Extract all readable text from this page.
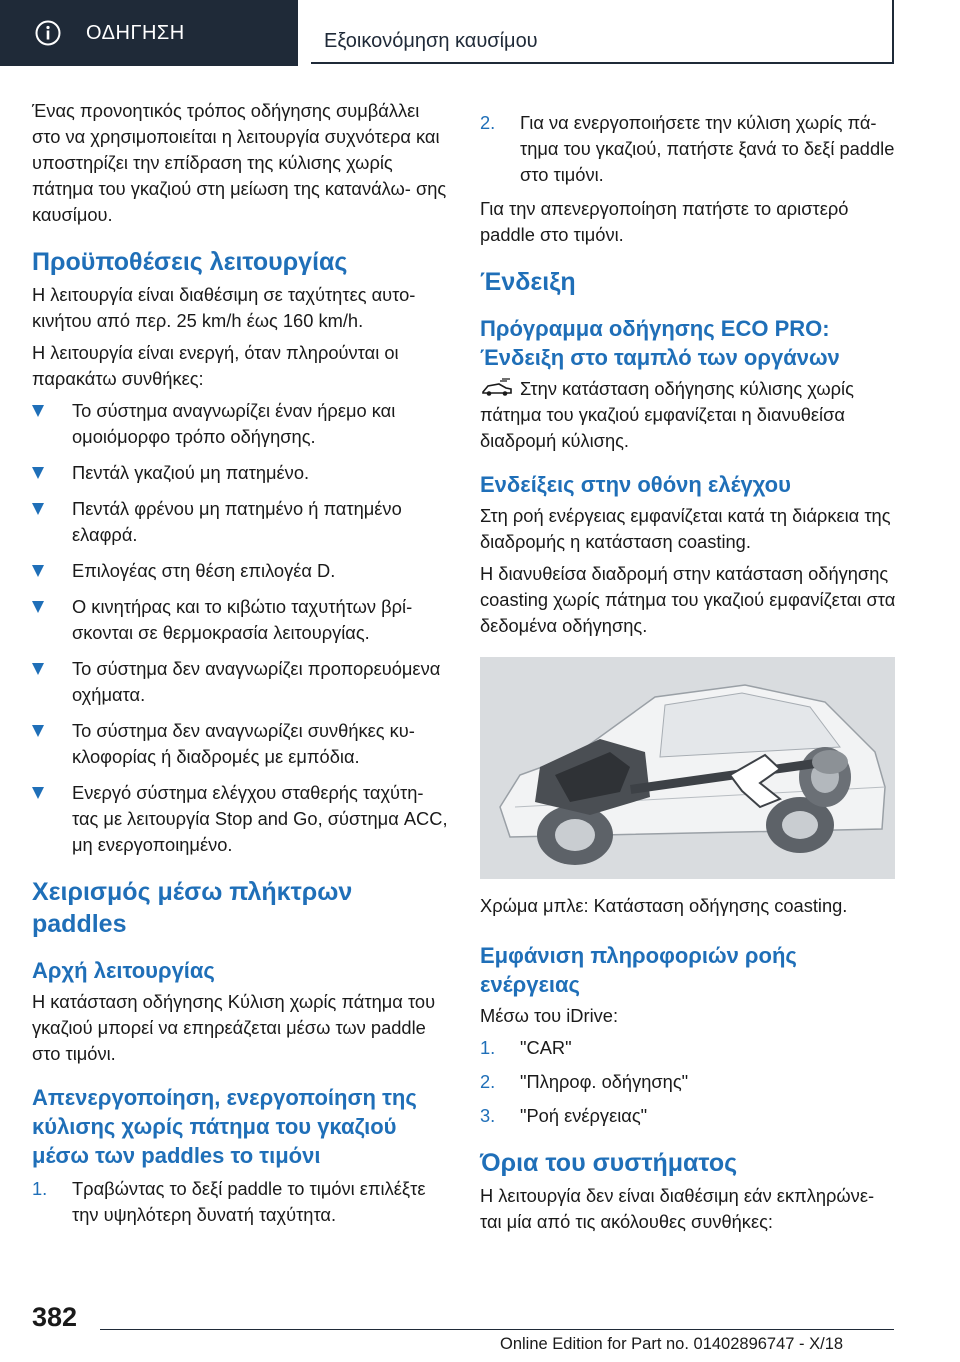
ΟΔΗΓΗΣΗ	Εξοικονόμηση καυσίμου

Ένας προνοητικός τρόπος οδήγησης συμβάλλει στο να χρησιμοποιείται η λειτουργία συχνότερα και υποστηρίζει την επίδραση της κύλισης χωρίς πάτημα του γκαζιού στη μείωση της κατανάλω- σης καυσίμου.

Προϋποθέσεις λειτουργίας

Η λειτουργία είναι διαθέσιμη σε ταχύτητες αυτο- κινήτου από περ. 25 km/h έως 160 km/h.

Η λειτουργία είναι ενεργή, όταν πληρούνται οι παρακάτω συνθήκες:

Το σύστημα αναγνωρίζει έναν ήρεμο και ομοιόμορφο τρόπο οδήγησης.
Πεντάλ γκαζιού μη πατημένο.
Πεντάλ φρένου μη πατημένο ή πατημένο ελαφρά.
Επιλογέας στη θέση επιλογέα D.
Ο κινητήρας και το κιβώτιο ταχυτήτων βρί- σκονται σε θερμοκρασία λειτουργίας.
Το σύστημα δεν αναγνωρίζει προπορευόμενα οχήματα.
Το σύστημα δεν αναγνωρίζει συνθήκες κυ- κλοφορίας ή διαδρομές με εμπόδια.
Ενεργό σύστημα ελέγχου σταθερής ταχύτη- τας με λειτουργία Stop and Go, σύστημα ACC, μη ενεργοποιημένο.
Χειρισμός μέσω πλήκτρων paddles
Αρχή λειτουργίας

Η κατάσταση οδήγησης Κύλιση χωρίς πάτημα του γκαζιού μπορεί να επηρεάζεται μέσω των paddle στο τιμόνι.

Απενεργοποίηση, ενεργοποίηση της κύλισης χωρίς πάτημα του γκαζιού μέσω των paddles το τιμόνι
1. Τραβώντας το δεξί paddle το τιμόνι επιλέξτε την υψηλότερη δυνατή ταχύτητα.
2. Για να ενεργοποιήσετε την κύλιση χωρίς πά- τημα του γκαζιού, πατήστε ξανά το δεξί paddle στο τιμόνι.

Για την απενεργοποίηση πατήστε το αριστερό paddle στο τιμόνι.

Ένδειξη
Πρόγραμμα οδήγησης ECO PRO: Ένδειξη στο ταμπλό των οργάνων

Στην κατάσταση οδήγησης κύλισης χωρίς πάτημα του γκαζιού εμφανίζεται η διανυθείσα διαδρομή κύλισης.

Ενδείξεις στην οθόνη ελέγχου

Στη ροή ενέργειας εμφανίζεται κατά τη διάρκεια της διαδρομής η κατάσταση coasting.

Η διανυθείσα διαδρομή στην κατάσταση οδήγησης coasting χωρίς πάτημα του γκαζιού εμφανίζεται στα δεδομένα οδήγησης.

Χρώμα μπλε: Κατάσταση οδήγησης coasting.

Εμφάνιση πληροφοριών ροής ενέργειας

Μέσω του iDrive:

1. "CAR"
2. "Πληροφ. οδήγησης"
3. "Ροή ενέργειας"
Όρια του συστήματος

Η λειτουργία δεν είναι διαθέσιμη εάν εκπληρώνε- ται μία από τις ακόλουθες συνθήκες:

382
Online Edition for Part no. 01402896747 - X/18
